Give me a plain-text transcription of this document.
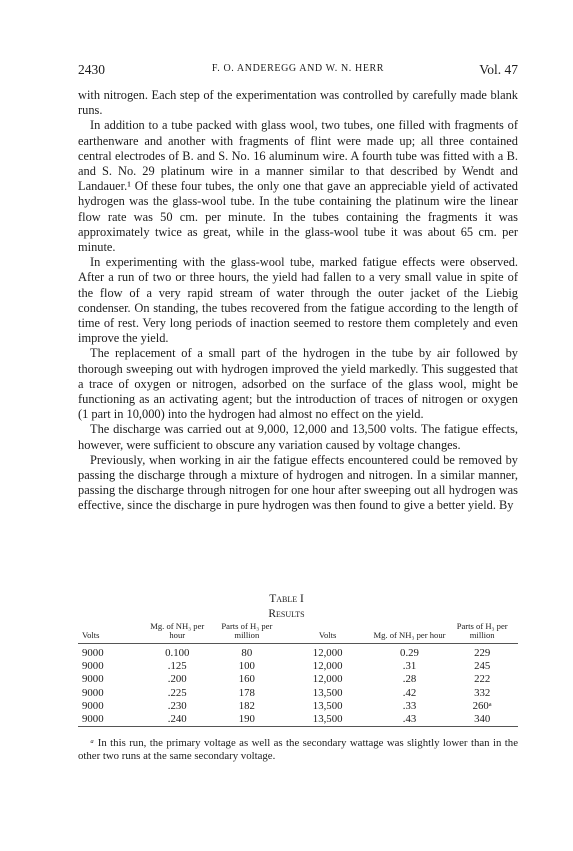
2430	F. O. ANDEREGG AND W. N. HERR	Vol. 47

with nitrogen. Each step of the experimentation was controlled by carefully made blank runs.

In addition to a tube packed with glass wool, two tubes, one filled with fragments of earthenware and another with fragments of flint were made up; all three contained central electrodes of B. and S. No. 16 aluminum wire. A fourth tube was fitted with a B. and S. No. 29 platinum wire in a manner similar to that described by Wendt and Landauer.¹ Of these four tubes, the only one that gave an appreciable yield of activated hydrogen was the glass-wool tube. In the tube containing the platinum wire the linear flow rate was 50 cm. per minute. In the tubes containing the fragments it was approximately twice as great, while in the glass-wool tube it was about 65 cm. per minute.

In experimenting with the glass-wool tube, marked fatigue effects were observed. After a run of two or three hours, the yield had fallen to a very small value in spite of the flow of a very rapid stream of water through the outer jacket of the Liebig condenser. On standing, the tubes recovered from the fatigue according to the length of time of rest. Very long periods of inaction seemed to restore them completely and even improve the yield.

The replacement of a small part of the hydrogen in the tube by air followed by thorough sweeping out with hydrogen improved the yield markedly. This suggested that a trace of oxygen or nitrogen, adsorbed on the surface of the glass wool, might be functioning as an activating agent; but the introduction of traces of nitrogen or oxygen (1 part in 10,000) into the hydrogen had almost no effect on the yield.

The discharge was carried out at 9,000, 12,000 and 13,500 volts. The fatigue effects, however, were sufficient to obscure any variation caused by voltage changes.

Previously, when working in air the fatigue effects encountered could be removed by passing the discharge through a mixture of hydrogen and nitrogen. In a similar manner, passing the discharge through nitrogen for one hour after sweeping out all hydrogen was effective, since the discharge in pure hydrogen was then found to give a better yield. By

Table I
Results
Volts	Mg. of NH₃ per hour	Parts of H₃ per million	Volts	Mg. of NH₃ per hour	Parts of H₃ per million
9000	0.100	80	12,000	0.29	229
9000	.125	100	12,000	.31	245
9000	.200	160	12,000	.28	222
9000	.225	178	13,500	.42	332
9000	.230	182	13,500	.33	260ᵃ
9000	.240	190	13,500	.43	340
ᵃ In this run, the primary voltage as well as the secondary wattage was slightly lower than in the other two runs at the same secondary voltage.
